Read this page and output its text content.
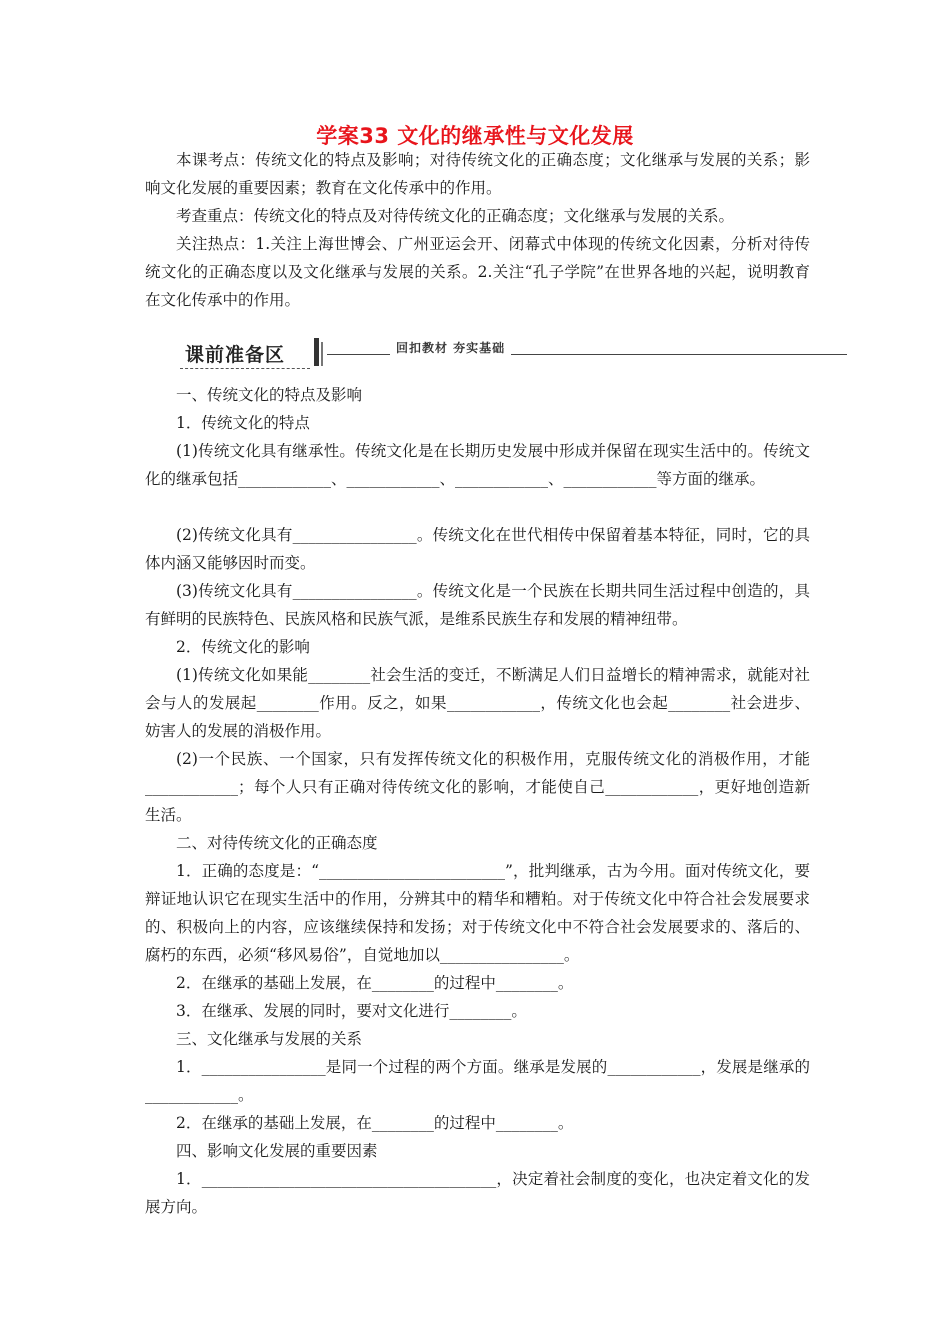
学案33 文化的继承性与文化发展

本课考点：传统文化的特点及影响；对待传统文化的正确态度；文化继承与发展的关系；影响文化发展的重要因素；教育在文化传承中的作用。

考查重点：传统文化的特点及对待传统文化的正确态度；文化继承与发展的关系。

关注热点：1.关注上海世博会、广州亚运会开、闭幕式中体现的传统文化因素，分析对待传统文化的正确态度以及文化继承与发展的关系。2.关注“孔子学院”在世界各地的兴起，说明教育在文化传承中的作用。

课前准备区	回扣教材 夯实基础

一、传统文化的特点及影响

1．传统文化的特点

(1)传统文化具有继承性。传统文化是在长期历史发展中形成并保留在现实生活中的。传统文化的继承包括____________、____________、____________、____________等方面的继承。

(2)传统文化具有________________。传统文化在世代相传中保留着基本特征，同时，它的具体内涵又能够因时而变。

(3)传统文化具有________________。传统文化是一个民族在长期共同生活过程中创造的，具有鲜明的民族特色、民族风格和民族气派，是维系民族生存和发展的精神纽带。

2．传统文化的影响

(1)传统文化如果能________社会生活的变迁，不断满足人们日益增长的精神需求，就能对社会与人的发展起________作用。反之，如果____________，传统文化也会起________社会进步、妨害人的发展的消极作用。

(2)一个民族、一个国家，只有发挥传统文化的积极作用，克服传统文化的消极作用，才能____________；每个人只有正确对待传统文化的影响，才能使自己____________，更好地创造新生活。

二、对待传统文化的正确态度

1．正确的态度是：“________________________”，批判继承，古为今用。面对传统文化，要辩证地认识它在现实生活中的作用，分辨其中的精华和糟粕。对于传统文化中符合社会发展要求的、积极向上的内容，应该继续保持和发扬；对于传统文化中不符合社会发展要求的、落后的、腐朽的东西，必须“移风易俗”，自觉地加以________________。

2．在继承的基础上发展，在________的过程中________。

3．在继承、发展的同时，要对文化进行________。

三、文化继承与发展的关系

1．________________是同一个过程的两个方面。继承是发展的____________，发展是继承的____________。

2．在继承的基础上发展，在________的过程中________。

四、影响文化发展的重要因素

1．______________________________________，决定着社会制度的变化，也决定着文化的发展方向。
